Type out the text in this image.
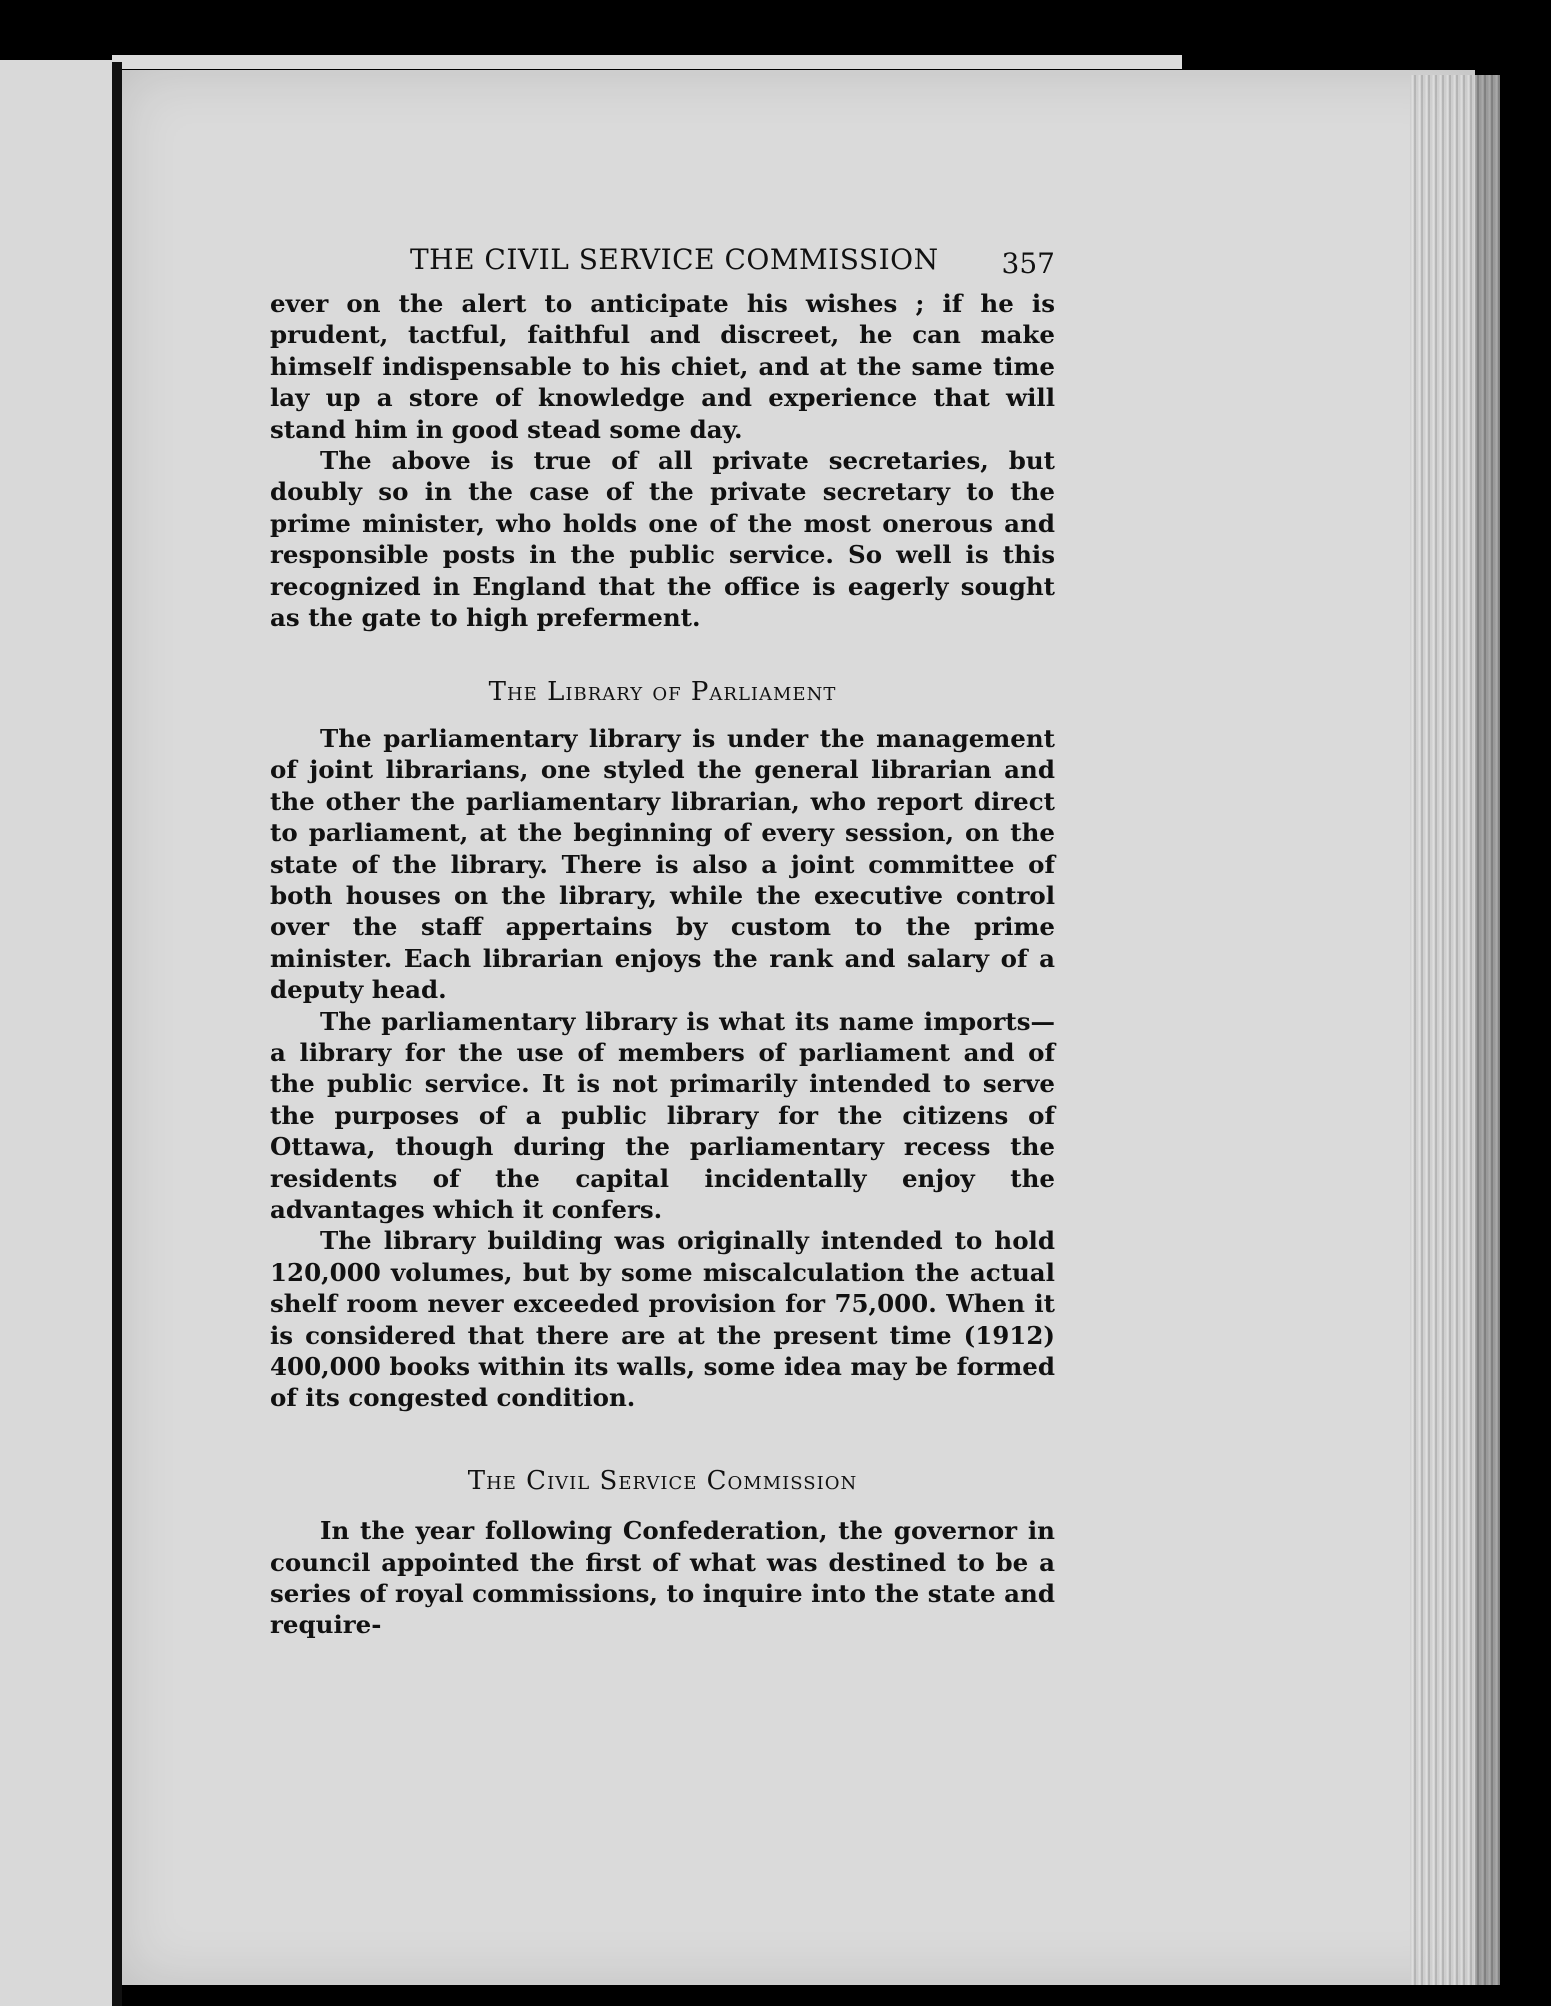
THE CIVIL SERVICE COMMISSION 357

ever on the alert to anticipate his wishes ; if he is prudent, tactful, faithful and discreet, he can make himself indispensable to his chiet, and at the same time lay up a store of knowledge and experience that will stand him in good stead some day.

The above is true of all private secretaries, but doubly so in the case of the private secretary to the prime minister, who holds one of the most onerous and responsible posts in the public service. So well is this recognized in England that the office is eagerly sought as the gate to high preferment.

The Library of Parliament

The parliamentary library is under the management of joint librarians, one styled the general librarian and the other the parliamentary librarian, who report direct to parliament, at the beginning of every session, on the state of the library. There is also a joint committee of both houses on the library, while the executive control over the staff appertains by custom to the prime minister. Each librarian enjoys the rank and salary of a deputy head.

The parliamentary library is what its name imports—a library for the use of members of parliament and of the public service. It is not primarily intended to serve the purposes of a public library for the citizens of Ottawa, though during the parliamentary recess the residents of the capital incidentally enjoy the advantages which it confers.

The library building was originally intended to hold 120,000 volumes, but by some miscalculation the actual shelf room never exceeded provision for 75,000. When it is considered that there are at the present time (1912) 400,000 books within its walls, some idea may be formed of its congested condition.

The Civil Service Commission

In the year following Confederation, the governor in council appointed the first of what was destined to be a series of royal commissions, to inquire into the state and require-
